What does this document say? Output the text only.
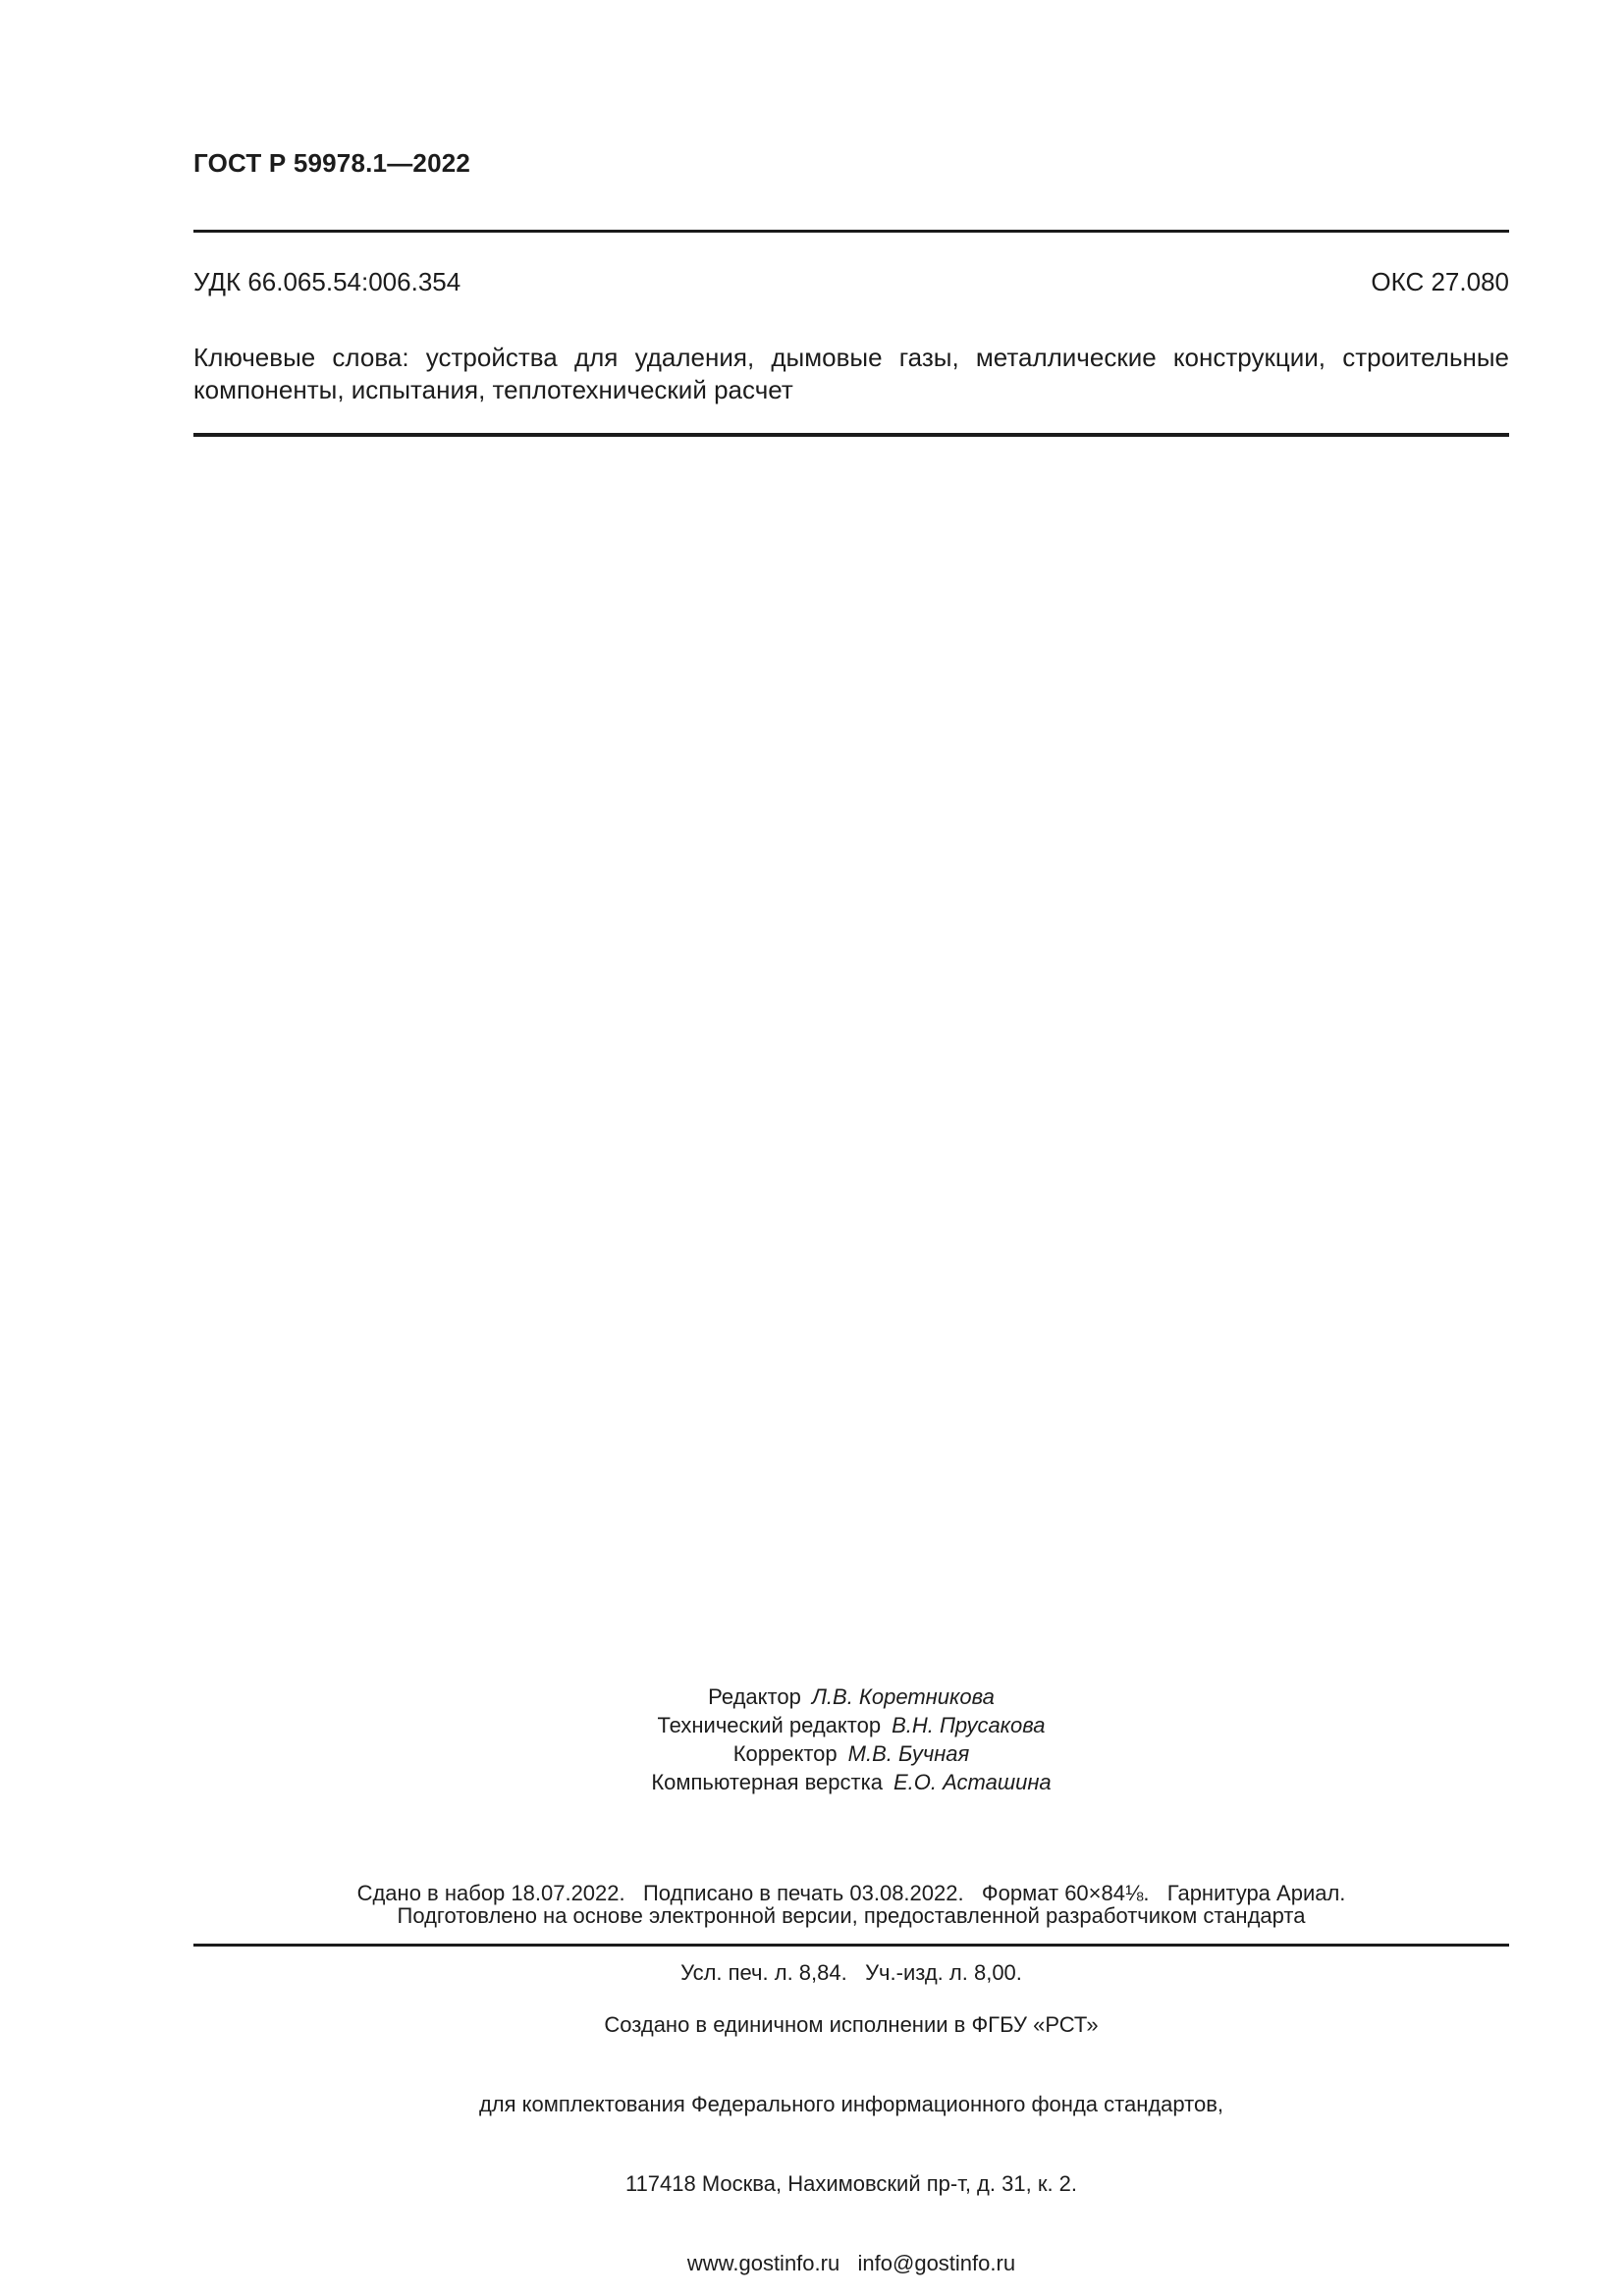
ГОСТ Р 59978.1—2022
УДК 66.065.54:006.354	ОКС 27.080
Ключевые слова: устройства для удаления, дымовые газы, металлические конструкции, строительные компоненты, испытания, теплотехнический расчет
Редактор Л.В. Коретникова
Технический редактор В.Н. Прусакова
Корректор М.В. Бучная
Компьютерная верстка Е.О. Асташина

Сдано в набор 18.07.2022.   Подписано в печать 03.08.2022.   Формат 60×84⅛.   Гарнитура Ариал.

Усл. печ. л. 8,84.   Уч.-изд. л. 8,00.

Подготовлено на основе электронной версии, предоставленной разработчиком стандарта

Создано в единичном исполнении в ФГБУ «РСТ»

для комплектования Федерального информационного фонда стандартов,

117418 Москва, Нахимовский пр-т, д. 31, к. 2.

www.gostinfo.ru   info@gostinfo.ru
